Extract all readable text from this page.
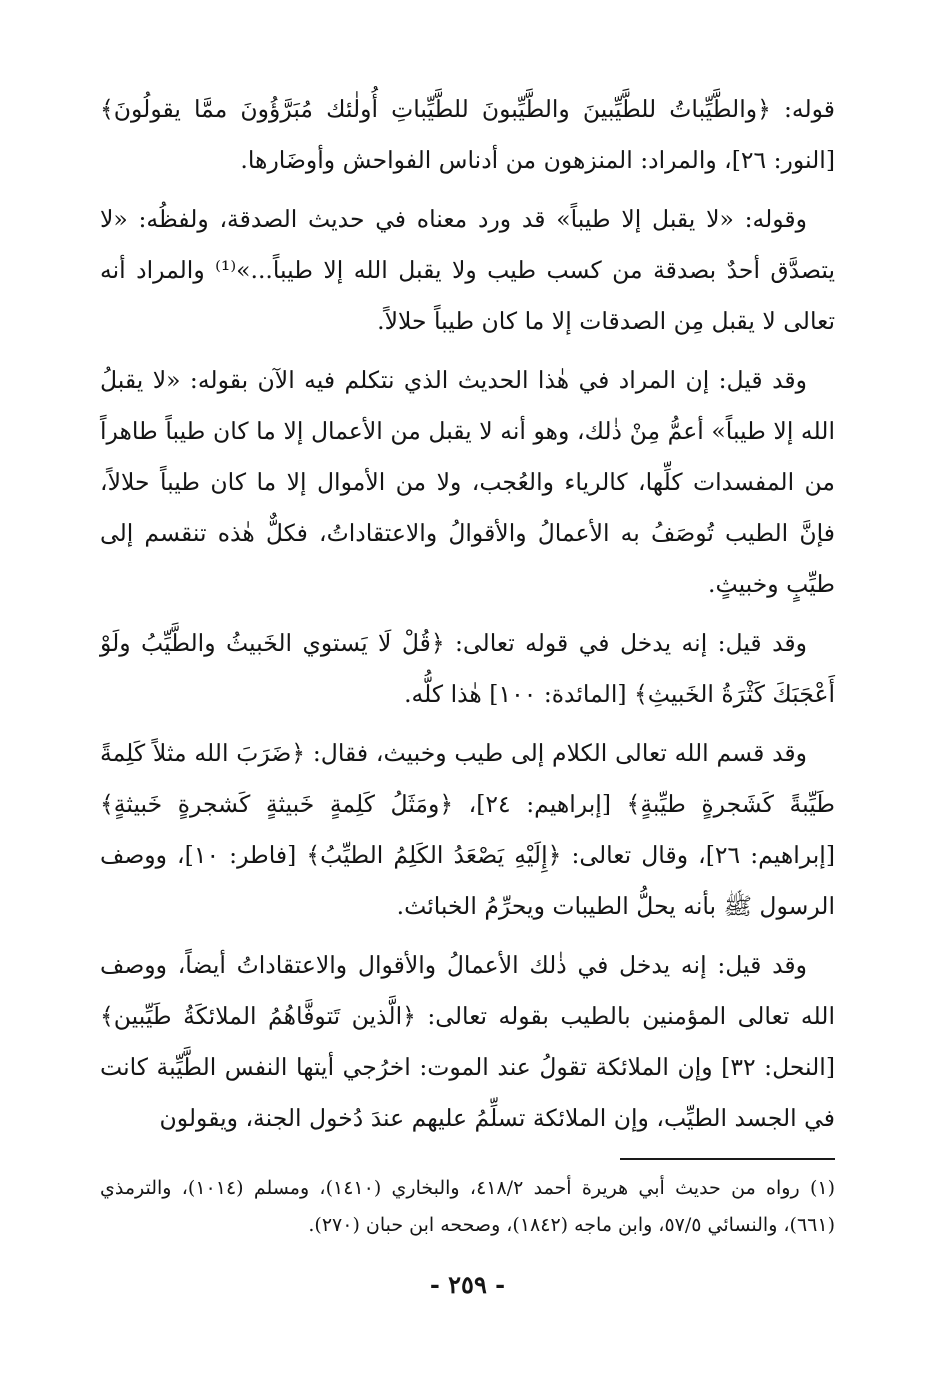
قوله: ﴿والطَّيِّباتُ للطَّيِّبينَ والطَّيِّبونَ للطَّيِّباتِ أُولٰئك مُبَرَّؤُونَ ممَّا يقولُونَ﴾ [النور: ٢٦]، والمراد: المنزهون من أدناس الفواحش وأوضَارها.

وقوله: «لا يقبل إلا طيباً» قد ورد معناه في حديث الصدقة، ولفظُه: «لا يتصدَّق أحدٌ بصدقة من كسب طيب ولا يقبل الله إلا طيباً...»⁽¹⁾ والمراد أنه تعالى لا يقبل مِن الصدقات إلا ما كان طيباً حلالاً.

وقد قيل: إن المراد في هٰذا الحديث الذي نتكلم فيه الآن بقوله: «لا يقبلُ الله إلا طيباً» أعمُّ مِنْ ذٰلك، وهو أنه لا يقبل من الأعمال إلا ما كان طيباً طاهراً من المفسدات كلِّها، كالرياء والعُجب، ولا من الأموال إلا ما كان طيباً حلالاً، فإنَّ الطيب تُوصَفُ به الأعمالُ والأقوالُ والاعتقاداتُ، فكلٌّ هٰذه تنقسم إلى طيِّبٍ وخبيثٍ.

وقد قيل: إنه يدخل في قوله تعالى: ﴿قُلْ لَا يَستوي الخَبيثُ والطَّيِّبُ ولَوْ أَعْجَبَكَ كَثْرَةُ الخَبيثِ﴾ [المائدة: ١٠٠] هٰذا كلُّه.

وقد قسم الله تعالى الكلام إلى طيب وخبيث، فقال: ﴿ضَرَبَ الله مثلاً كَلِمةً طَيِّبةً كَشَجرةٍ طيِّبةٍ﴾ [إبراهيم: ٢٤]، ﴿ومَثَلُ كَلِمةٍ خَبيثةٍ كَشجرةٍ خَبيثةٍ﴾ [إبراهيم: ٢٦]، وقال تعالى: ﴿إِلَيْهِ يَصْعَدُ الكَلِمُ الطيِّبُ﴾ [فاطر: ١٠]، ووصف الرسول ﷺ بأنه يحلُّ الطيبات ويحرِّمُ الخبائث.

وقد قيل: إنه يدخل في ذٰلك الأعمالُ والأقوال والاعتقاداتُ أيضاً، ووصف الله تعالى المؤمنين بالطيب بقوله تعالى: ﴿الَّذين تَتوفَّاهُمُ الملائكَةُ طَيِّبين﴾ [النحل: ٣٢] وإن الملائكة تقولُ عند الموت: اخرُجي أيتها النفس الطَّيِّبة كانت في الجسد الطيِّب، وإن الملائكة تسلِّمُ عليهم عندَ دُخول الجنة، ويقولون

(١) رواه من حديث أبي هريرة أحمد ٤١٨/٢، والبخاري (١٤١٠)، ومسلم (١٠١٤)، والترمذي (٦٦١)، والنسائي ٥٧/٥، وابن ماجه (١٨٤٢)، وصححه ابن حبان (٢٧٠).

- ٢٥٩ -
